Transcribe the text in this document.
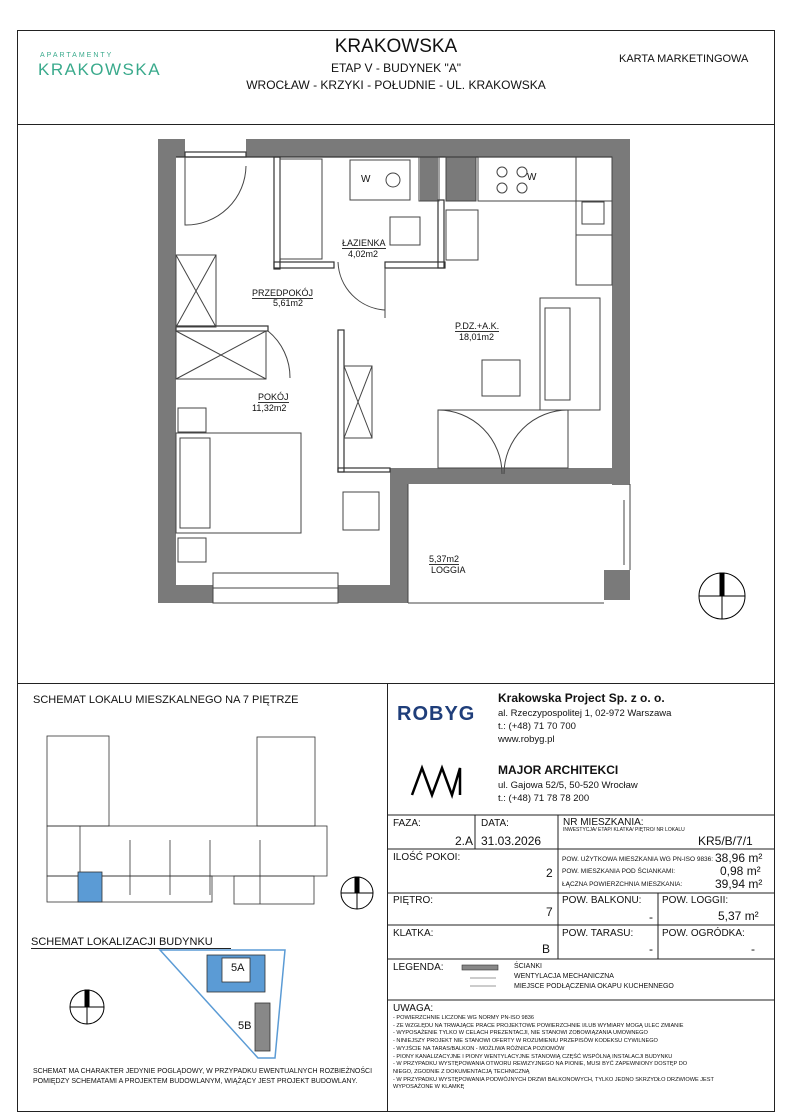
APARTAMENTY
KRAKOWSKA
KRAKOWSKA
ETAP V - BUDYNEK "A"
WROCŁAW - KRZYKI - POŁUDNIE - UL. KRAKOWSKA
KARTA MARKETINGOWA
ŁAZIENKA
4,02m2
PRZEDPOKÓJ
5,61m2
P.DZ.+A.K.
18,01m2
POKÓJ
11,32m2
5,37m2
LOGGIA
W	W
SCHEMAT LOKALU MIESZKALNEGO NA 7 PIĘTRZE
SCHEMAT LOKALIZACJI BUDYNKU
5A
5B
SCHEMAT MA CHARAKTER JEDYNIE POGLĄDOWY, W PRZYPADKU EWENTUALNYCH ROZBIEŻNOŚCI
POMIĘDZY SCHEMATAMI A PROJEKTEM BUDOWLANYM, WIĄŻĄCY JEST PROJEKT BUDOWLANY.
ROBYG
Krakowska Project Sp. z o. o.
al. Rzeczypospolitej 1, 02-972 Warszawa
t.: (+48) 71 70 700
www.robyg.pl
MAJOR ARCHITEKCI
ul. Gajowa 52/5, 50-520 Wrocław
t.: (+48) 71 78 78 200
FAZA:
2.A
DATA:
31.03.2026
NR MIESZKANIA:
INWESTYCJA/ ETAP/ KLATKA/ PIĘTRO/ NR LOKALU
KR5/B/7/1
ILOŚĆ POKOI:
2
POW. UŻYTKOWA MIESZKANIA WG PN-ISO 9836: 38,96 m²
POW. MIESZKANIA POD ŚCIANKAMI:	0,98 m²
ŁĄCZNA POWIERZCHNIA MIESZKANIA:	39,94 m²
PIĘTRO:
7
POW. BALKONU:
-
POW. LOGGII:
5,37 m²
KLATKA:
B
POW. TARASU:
-
POW. OGRÓDKA:
-
LEGENDA:	ŚCIANKI
WENTYLACJA MECHANICZNA
MIEJSCE PODŁĄCZENIA OKAPU KUCHENNEGO
UWAGA:
- POWIERZCHNIE LICZONE WG NORMY PN-ISO 9836
- ZE WZGLĘDU NA TRWAJĄCE PRACE PROJEKTOWE POWIERZCHNIE I/LUB WYMIARY MOGĄ ULEC ZMIANIE
- WYPOSAŻENIE TYLKO W CELACH PREZENTACJI, NIE STANOWI ZOBOWIĄZANIA UMOWNEGO
- NINIEJSZY PROJEKT NIE STANOWI OFERTY W ROZUMIENIU PRZEPISÓW KODEKSU CYWILNEGO
- WYJŚCIE NA TARAS/BALKON - MOŻLIWA RÓŻNICA POZIOMÓW
- PIONY KANALIZACYJNE I PIONY WENTYLACYJNE STANOWIĄ CZĘŚĆ WSPÓLNĄ INSTALACJI BUDYNKU
- W PRZYPADKU WYSTĘPOWANIA OTWORU REWIZYJNEGO NA PIONIE, MUSI BYĆ ZAPEWNIONY DOSTĘP DO
NIEGO, ZGODNIE Z DOKUMENTACJĄ TECHNICZNĄ
- W PRZYPADKU WYSTĘPOWANIA PODWÓJNYCH DRZWI BALKONOWYCH, TYLKO JEDNO SKRZYDŁO DRZWIOWE JEST
WYPOSAŻONE W KLAMKĘ
